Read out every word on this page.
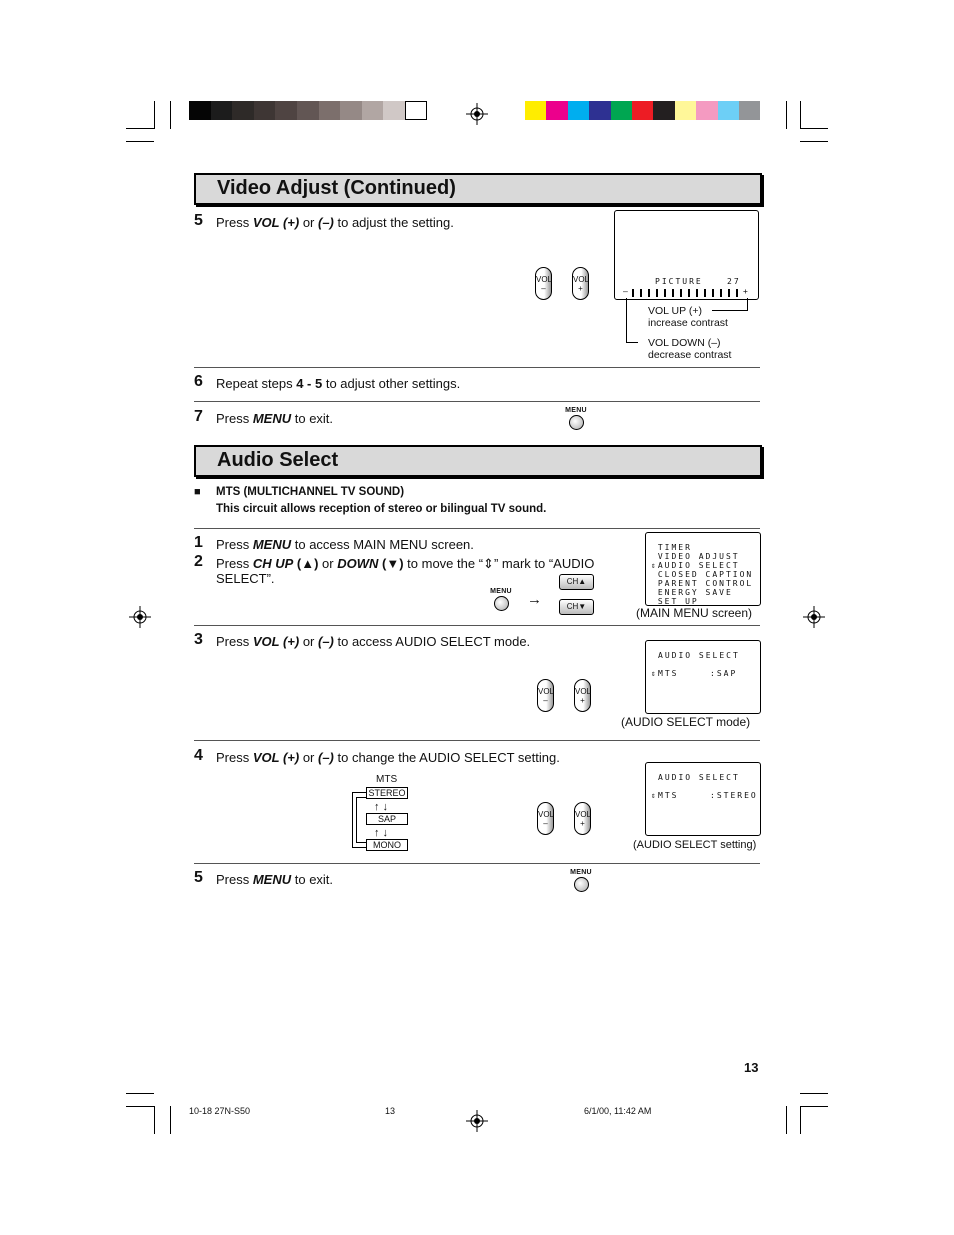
Video Adjust (Continued)
5 Press VOL (+) or (–) to adjust the setting.
VOL
–
VOL
+
PICTURE	27
–	+
VOL UP (+)
increase contrast
VOL DOWN (–)
decrease contrast
6 Repeat steps 4 - 5 to adjust other settings.
7 Press MENU to exit.
MENU
Audio Select
■ MTS (MULTICHANNEL TV SOUND)
This circuit allows reception of stereo or bilingual TV sound.
1 Press MENU to access MAIN MENU screen.
2 Press CH UP (▲) or DOWN (▼) to move the “⇕” mark to “AUDIO
SELECT”.
MENU	→
CH▲
CH▼
TIMER
VIDEO ADJUST
⇕AUDIO SELECT
CLOSED CAPTION
PARENT CONTROL
ENERGY SAVE
SET UP
(MAIN MENU screen)
3 Press VOL (+) or (–) to access AUDIO SELECT mode.
VOL
–
VOL
+
AUDIO SELECT
⇕ MTS	:SAP
(AUDIO SELECT mode)
4 Press VOL (+) or (–) to change the AUDIO SELECT setting.
MTS
STEREO
↑ ↓
SAP
↑ ↓
MONO
VOL
–
VOL
+
AUDIO SELECT
⇕ MTS	:STEREO
(AUDIO SELECT setting)
5 Press MENU to exit.	MENU
13
10-18 27N-S50	13	6/1/00, 11:42 AM
